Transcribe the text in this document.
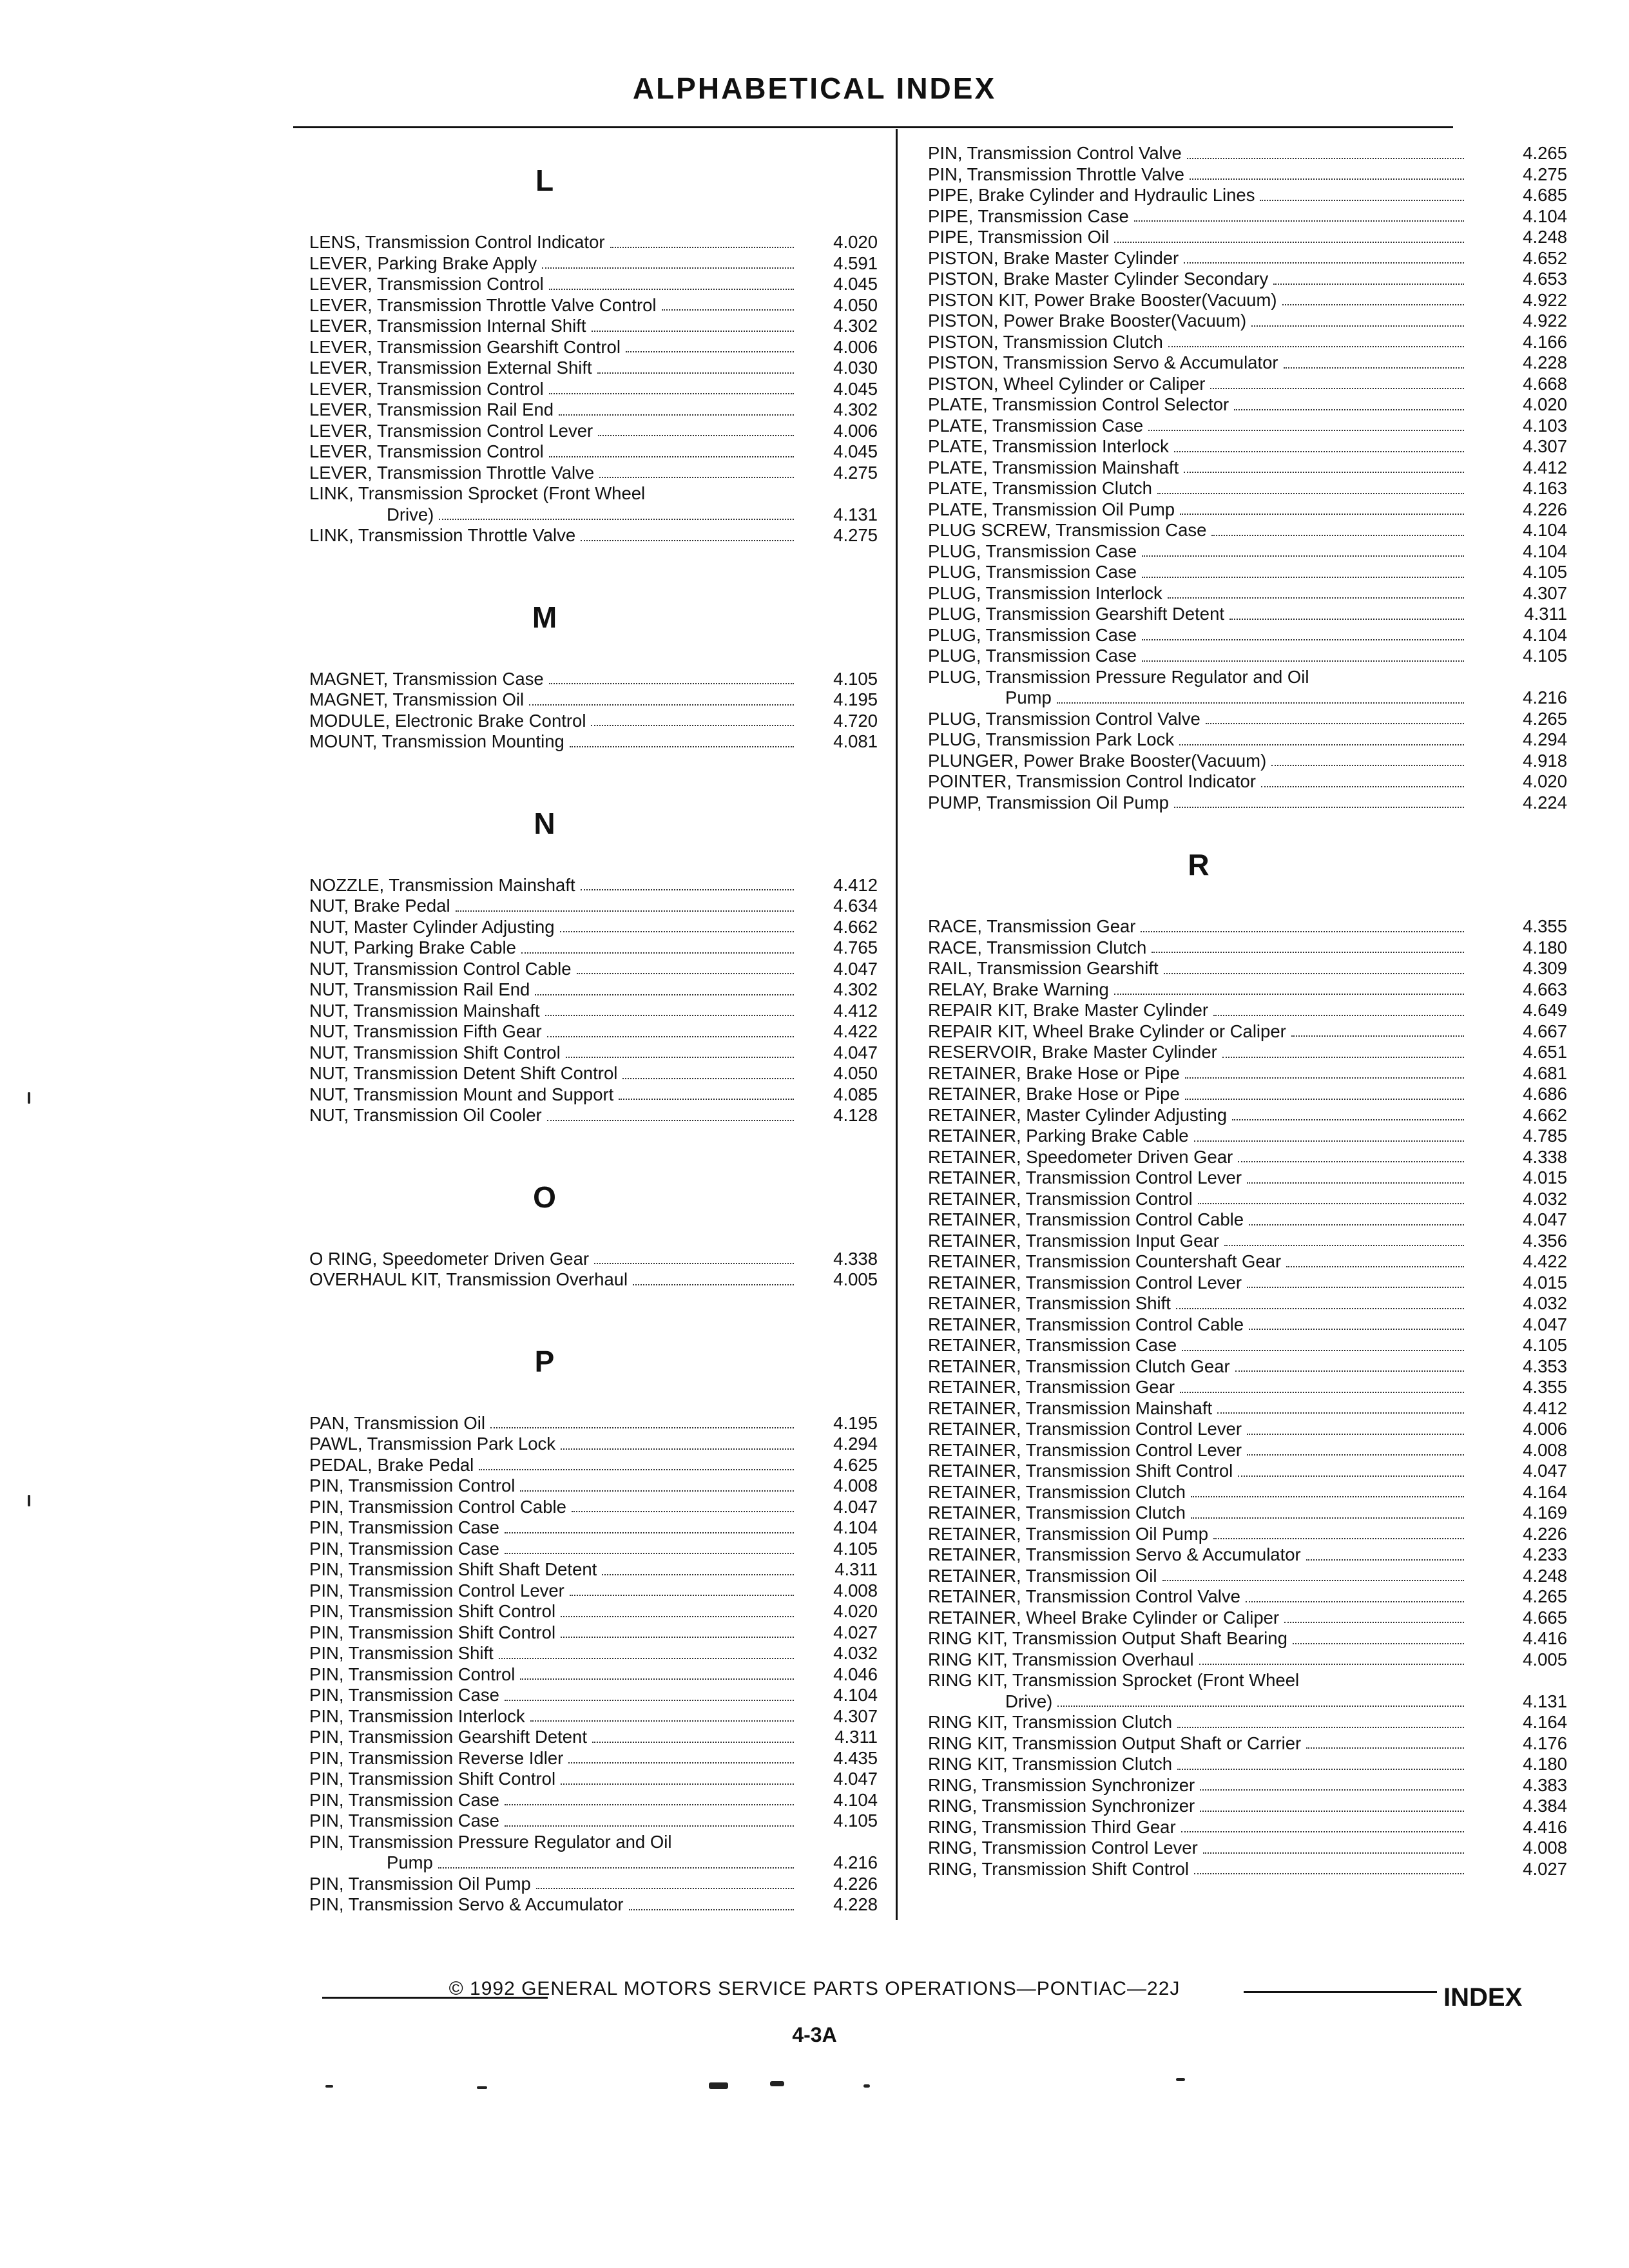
ALPHABETICAL INDEX
L
LENS, Transmission Control Indicator	4.020
LEVER, Parking Brake Apply	4.591
LEVER, Transmission Control	4.045
LEVER, Transmission Throttle Valve Control	4.050
LEVER, Transmission Internal Shift	4.302
LEVER, Transmission Gearshift Control	4.006
LEVER, Transmission External Shift	4.030
LEVER, Transmission Control	4.045
LEVER, Transmission Rail End	4.302
LEVER, Transmission Control Lever	4.006
LEVER, Transmission Control	4.045
LEVER, Transmission Throttle Valve	4.275
LINK, Transmission Sprocket (Front Wheel
Drive)	4.131
LINK, Transmission Throttle Valve	4.275
M
MAGNET, Transmission Case	4.105
MAGNET, Transmission Oil	4.195
MODULE, Electronic Brake Control	4.720
MOUNT, Transmission Mounting	4.081
N
NOZZLE, Transmission Mainshaft	4.412
NUT, Brake Pedal	4.634
NUT, Master Cylinder Adjusting	4.662
NUT, Parking Brake Cable	4.765
NUT, Transmission Control Cable	4.047
NUT, Transmission Rail End	4.302
NUT, Transmission Mainshaft	4.412
NUT, Transmission Fifth Gear	4.422
NUT, Transmission Shift Control	4.047
NUT, Transmission Detent Shift Control	4.050
NUT, Transmission Mount and Support	4.085
NUT, Transmission Oil Cooler	4.128
O
O RING, Speedometer Driven Gear	4.338
OVERHAUL KIT, Transmission Overhaul	4.005
P
PAN, Transmission Oil	4.195
PAWL, Transmission Park Lock	4.294
PEDAL, Brake Pedal	4.625
PIN, Transmission Control	4.008
PIN, Transmission Control Cable	4.047
PIN, Transmission Case	4.104
PIN, Transmission Case	4.105
PIN, Transmission Shift Shaft Detent	4.311
PIN, Transmission Control Lever	4.008
PIN, Transmission Shift Control	4.020
PIN, Transmission Shift Control	4.027
PIN, Transmission Shift	4.032
PIN, Transmission Control	4.046
PIN, Transmission Case	4.104
PIN, Transmission Interlock	4.307
PIN, Transmission Gearshift Detent	4.311
PIN, Transmission Reverse Idler	4.435
PIN, Transmission Shift Control	4.047
PIN, Transmission Case	4.104
PIN, Transmission Case	4.105
PIN, Transmission Pressure Regulator and Oil
Pump	4.216
PIN, Transmission Oil Pump	4.226
PIN, Transmission Servo & Accumulator	4.228
PIN, Transmission Control Valve	4.265
PIN, Transmission Throttle Valve	4.275
PIPE, Brake Cylinder and Hydraulic Lines	4.685
PIPE, Transmission Case	4.104
PIPE, Transmission Oil	4.248
PISTON, Brake Master Cylinder	4.652
PISTON, Brake Master Cylinder Secondary	4.653
PISTON KIT, Power Brake Booster(Vacuum)	4.922
PISTON, Power Brake Booster(Vacuum)	4.922
PISTON, Transmission Clutch	4.166
PISTON, Transmission Servo & Accumulator	4.228
PISTON, Wheel Cylinder or Caliper	4.668
PLATE, Transmission Control Selector	4.020
PLATE, Transmission Case	4.103
PLATE, Transmission Interlock	4.307
PLATE, Transmission Mainshaft	4.412
PLATE, Transmission Clutch	4.163
PLATE, Transmission Oil Pump	4.226
PLUG SCREW, Transmission Case	4.104
PLUG, Transmission Case	4.104
PLUG, Transmission Case	4.105
PLUG, Transmission Interlock	4.307
PLUG, Transmission Gearshift Detent	4.311
PLUG, Transmission Case	4.104
PLUG, Transmission Case	4.105
PLUG, Transmission Pressure Regulator and Oil
Pump	4.216
PLUG, Transmission Control Valve	4.265
PLUG, Transmission Park Lock	4.294
PLUNGER, Power Brake Booster(Vacuum)	4.918
POINTER, Transmission Control Indicator	4.020
PUMP, Transmission Oil Pump	4.224
R
RACE, Transmission Gear	4.355
RACE, Transmission Clutch	4.180
RAIL, Transmission Gearshift	4.309
RELAY, Brake Warning	4.663
REPAIR KIT, Brake Master Cylinder	4.649
REPAIR KIT, Wheel Brake Cylinder or Caliper	4.667
RESERVOIR, Brake Master Cylinder	4.651
RETAINER, Brake Hose or Pipe	4.681
RETAINER, Brake Hose or Pipe	4.686
RETAINER, Master Cylinder Adjusting	4.662
RETAINER, Parking Brake Cable	4.785
RETAINER, Speedometer Driven Gear	4.338
RETAINER, Transmission Control Lever	4.015
RETAINER, Transmission Control	4.032
RETAINER, Transmission Control Cable	4.047
RETAINER, Transmission Input Gear	4.356
RETAINER, Transmission Countershaft Gear	4.422
RETAINER, Transmission Control Lever	4.015
RETAINER, Transmission Shift	4.032
RETAINER, Transmission Control Cable	4.047
RETAINER, Transmission Case	4.105
RETAINER, Transmission Clutch Gear	4.353
RETAINER, Transmission Gear	4.355
RETAINER, Transmission Mainshaft	4.412
RETAINER, Transmission Control Lever	4.006
RETAINER, Transmission Control Lever	4.008
RETAINER, Transmission Shift Control	4.047
RETAINER, Transmission Clutch	4.164
RETAINER, Transmission Clutch	4.169
RETAINER, Transmission Oil Pump	4.226
RETAINER, Transmission Servo & Accumulator	4.233
RETAINER, Transmission Oil	4.248
RETAINER, Transmission Control Valve	4.265
RETAINER, Wheel Brake Cylinder or Caliper	4.665
RING KIT, Transmission Output Shaft Bearing	4.416
RING KIT, Transmission Overhaul	4.005
RING KIT, Transmission Sprocket (Front Wheel
Drive)	4.131
RING KIT, Transmission Clutch	4.164
RING KIT, Transmission Output Shaft or Carrier	4.176
RING KIT, Transmission Clutch	4.180
RING, Transmission Synchronizer	4.383
RING, Transmission Synchronizer	4.384
RING, Transmission Third Gear	4.416
RING, Transmission Control Lever	4.008
RING, Transmission Shift Control	4.027
© 1992 GENERAL MOTORS SERVICE PARTS OPERATIONS—PONTIAC—22J
4-3A
INDEX
